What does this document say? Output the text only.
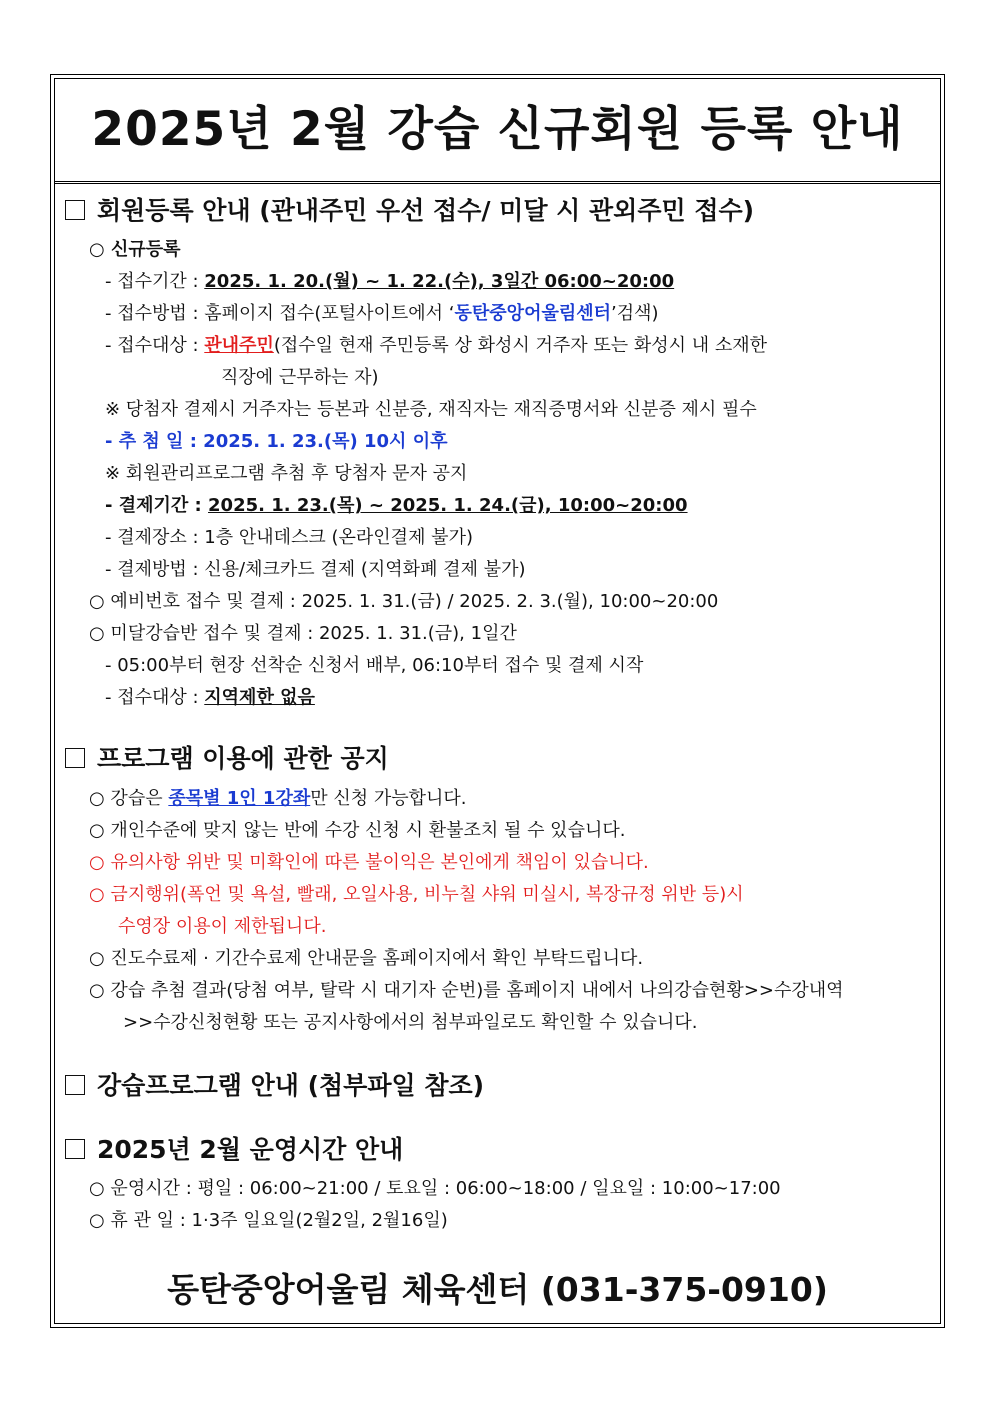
2025년 2월 강습 신규회원 등록 안내
회원등록 안내 (관내주민 우선 접수/ 미달 시 관외주민 접수)
○ 신규등록
- 접수기간 : 2025. 1. 20.(월) ~ 1. 22.(수), 3일간 06:00~20:00
- 접수방법 : 홈페이지 접수(포털사이트에서 ‘동탄중앙어울림센터’검색)
- 접수대상 : 관내주민(접수일 현재 주민등록 상 화성시 거주자 또는 화성시 내 소재한
직장에 근무하는 자)
※ 당첨자 결제시 거주자는 등본과 신분증, 재직자는 재직증명서와 신분증 제시 필수
- 추 첨 일 : 2025. 1. 23.(목) 10시 이후
※ 회원관리프로그램 추첨 후 당첨자 문자 공지
- 결제기간 : 2025. 1. 23.(목) ~ 2025. 1. 24.(금), 10:00~20:00
- 결제장소 : 1층 안내데스크 (온라인결제 불가)
- 결제방법 : 신용/체크카드 결제 (지역화폐 결제 불가)
○ 예비번호 접수 및 결제 : 2025. 1. 31.(금) / 2025. 2. 3.(월), 10:00~20:00
○ 미달강습반 접수 및 결제 : 2025. 1. 31.(금), 1일간
- 05:00부터 현장 선착순 신청서 배부, 06:10부터 접수 및 결제 시작
- 접수대상 : 지역제한 없음
프로그램 이용에 관한 공지
○ 강습은 종목별 1인 1강좌만 신청 가능합니다.
○ 개인수준에 맞지 않는 반에 수강 신청 시 환불조치 될 수 있습니다.
○ 유의사항 위반 및 미확인에 따른 불이익은 본인에게 책임이 있습니다.
○ 금지행위(폭언 및 욕설, 빨래, 오일사용, 비누칠 샤워 미실시, 복장규정 위반 등)시
수영장 이용이 제한됩니다.
○ 진도수료제 · 기간수료제 안내문을 홈페이지에서 확인 부탁드립니다.
○ 강습 추첨 결과(당첨 여부, 탈락 시 대기자 순번)를 홈페이지 내에서 나의강습현황>>수강내역
>>수강신청현황 또는 공지사항에서의 첨부파일로도 확인할 수 있습니다.
강습프로그램 안내 (첨부파일 참조)
2025년 2월 운영시간 안내
○ 운영시간 : 평일 : 06:00~21:00 / 토요일 : 06:00~18:00 / 일요일 : 10:00~17:00
○ 휴 관 일 : 1·3주 일요일(2월2일, 2월16일)
동탄중앙어울림 체육센터 (031-375-0910)
